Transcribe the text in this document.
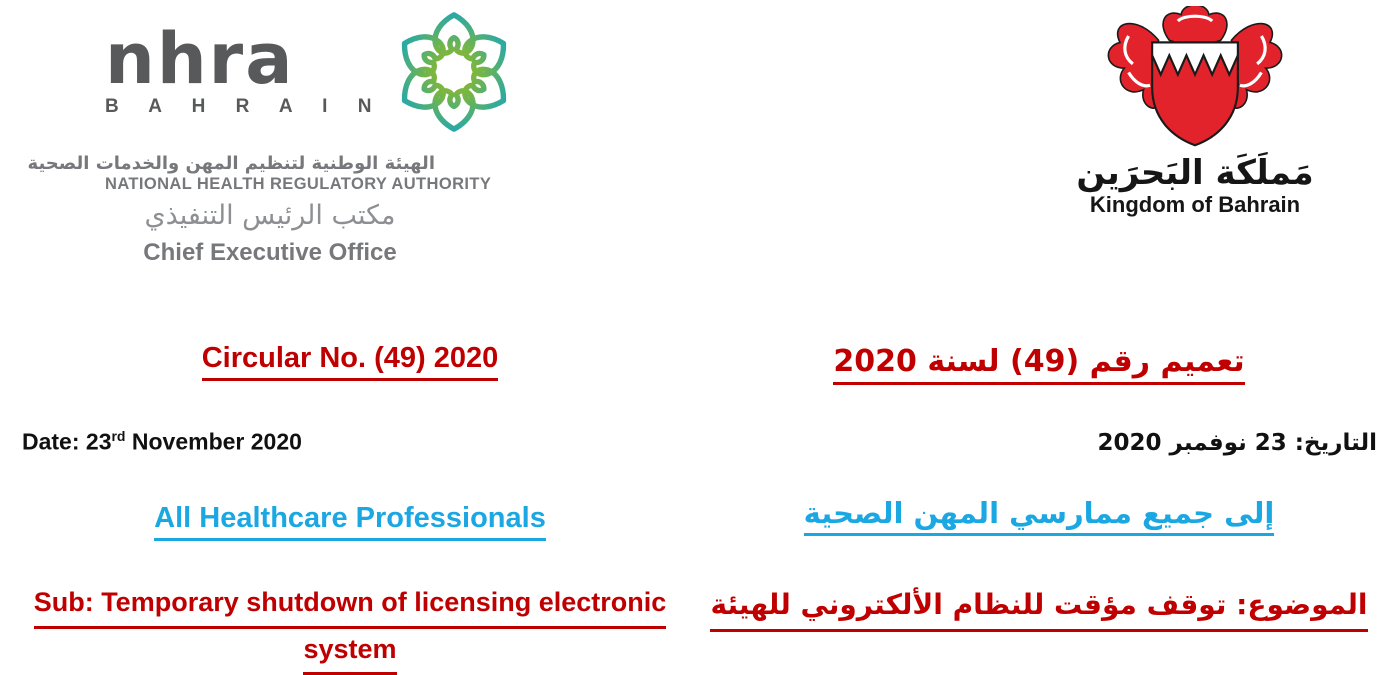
nhra
B A H R A I N
الهيئة الوطنية لتنظيم المهن والخدمات الصحية
NATIONAL HEALTH REGULATORY AUTHORITY
مكتب الرئيس التنفيذي
Chief Executive Office
مَملَكَة البَحرَين
Kingdom of Bahrain
Circular No. (49) 2020	تعميم رقم (49) لسنة 2020
Date: 23rd November 2020	التاريخ: 23 نوفمبر 2020
All Healthcare Professionals	إلى جميع ممارسي المهن الصحية
Sub: Temporary shutdown of licensing electronic
system
الموضوع: توقف مؤقت للنظام الألكتروني للهيئة
